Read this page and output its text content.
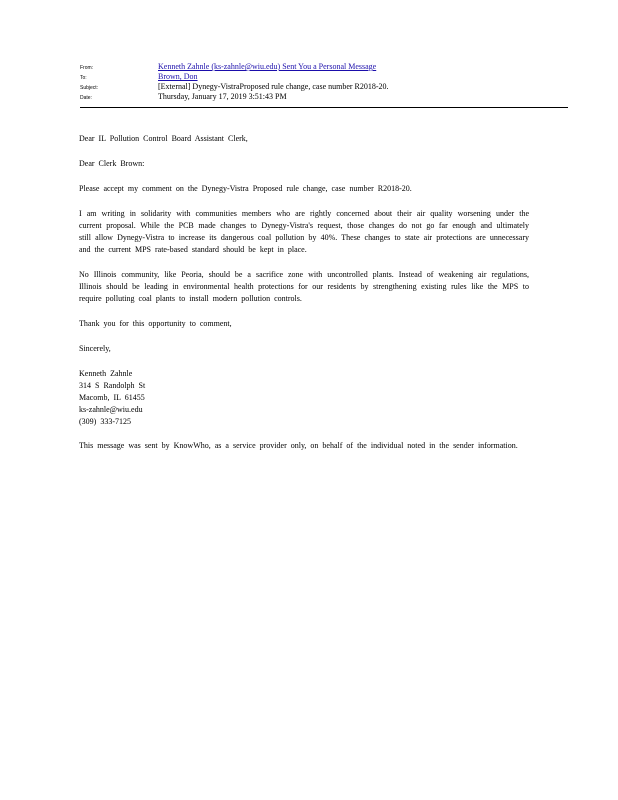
From:	Kenneth Zahnle (ks-zahnle@wiu.edu) Sent You a Personal Message
To:	Brown, Don
Subject:	[External] Dynegy-VistraProposed rule change, case number R2018-20.
Date:	Thursday, January 17, 2019 3:51:43 PM

Dear IL Pollution Control Board Assistant Clerk,

Dear Clerk Brown:

Please accept my comment on the Dynegy-Vistra Proposed rule change, case number R2018-20.

I am writing in solidarity with communities members who are rightly concerned about their air quality worsening under the current proposal. While the PCB made changes to Dynegy-Vistra's request, those changes do not go far enough and ultimately still allow Dynegy-Vistra to increase its dangerous coal pollution by 40%. These changes to state air protections are unnecessary and the current MPS rate-based standard should be kept in place.

No Illinois community, like Peoria, should be a sacrifice zone with uncontrolled plants. Instead of weakening air regulations, Illinois should be leading in environmental health protections for our residents by strengthening existing rules like the MPS to require polluting coal plants to install modern pollution controls.

Thank you for this opportunity to comment,

Sincerely,

Kenneth Zahnle
314 S Randolph St
Macomb, IL 61455
ks-zahnle@wiu.edu
(309) 333-7125

This message was sent by KnowWho, as a service provider only, on behalf of the individual noted in the sender information.
